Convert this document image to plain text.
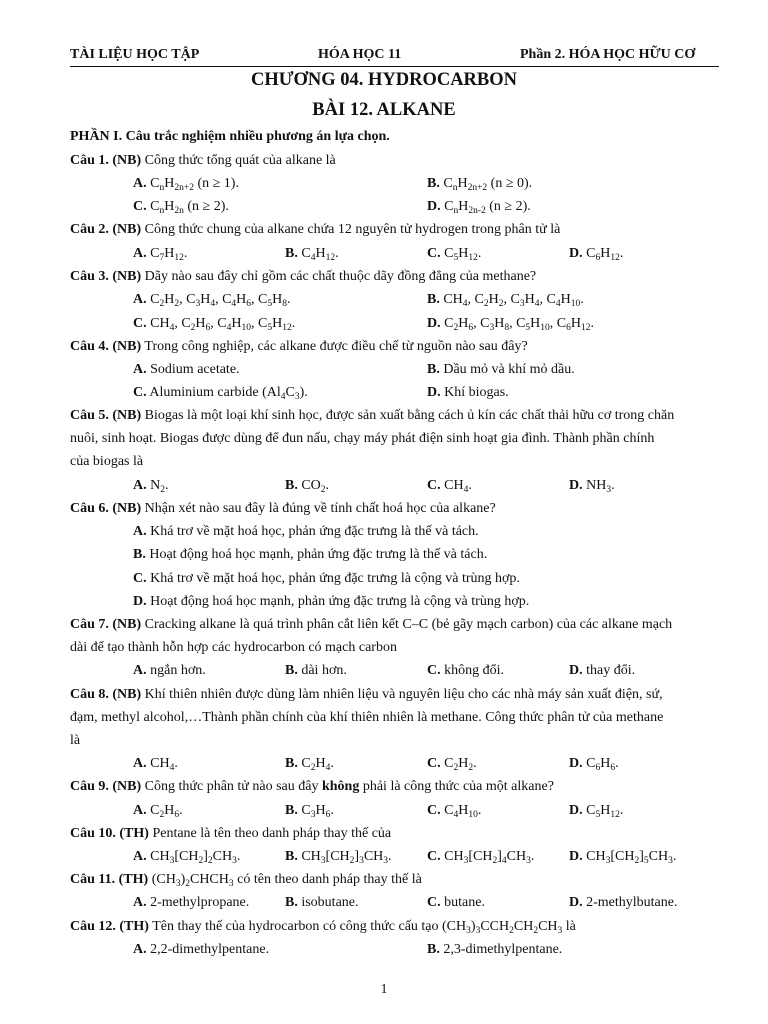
TÀI LIỆU HỌC TẬP	HÓA HỌC 11	Phần 2. HÓA HỌC HỮU CƠ
CHƯƠNG 04. HYDROCARBON
BÀI 12. ALKANE
PHẦN I. Câu trắc nghiệm nhiều phương án lựa chọn.
Câu 1. (NB) Công thức tổng quát của alkane là
A. $C_nH_{2n+2}$ (n ≥ 1).	B. $C_nH_{2n+2}$ (n ≥ 0).
C. $C_nH_{2n}$ (n ≥ 2).	D. $C_nH_{2n-2}$ (n ≥ 2).
Câu 2. (NB) Công thức chung của alkane chứa 12 nguyên tử hydrogen trong phân tử là
A. $C_7H_{12}$.	B. $C_4H_{12}$.	C. $C_5H_{12}$.	D. $C_6H_{12}$.
Câu 3. (NB) Dãy nào sau đây chỉ gồm các chất thuộc dãy đồng đẳng của methane?
A. $C_2H_2$, $C_3H_4$, $C_4H_6$, $C_5H_8$.	B. $CH_4$, $C_2H_2$, $C_3H_4$, $C_4H_{10}$.
C. $CH_4$, $C_2H_6$, $C_4H_{10}$, $C_5H_{12}$.	D. $C_2H_6$, $C_3H_8$, $C_5H_{10}$, $C_6H_{12}$.
Câu 4. (NB) Trong công nghiệp, các alkane được điều chế từ nguồn nào sau đây?
A. Sodium acetate.	B. Dầu mỏ và khí mỏ dầu.
C. Aluminium carbide $(Al_4C_3)$.	D. Khí biogas.
Câu 5. (NB) Biogas là một loại khí sinh học, được sản xuất bằng cách ủ kín các chất thải hữu cơ trong chăn
nuôi, sinh hoạt. Biogas được dùng để đun nấu, chạy máy phát điện sinh hoạt gia đình. Thành phần chính
của biogas là
A. $N_2$.	B. $CO_2$.	C. $CH_4$.	D. $NH_3$.
Câu 6. (NB) Nhận xét nào sau đây là đúng về tính chất hoá học của alkane?
A. Khá trơ về mặt hoá học, phản ứng đặc trưng là thế và tách.
B. Hoạt động hoá học mạnh, phản ứng đặc trưng là thế và tách.
C. Khá trơ về mặt hoá học, phản ứng đặc trưng là cộng và trùng hợp.
D. Hoạt động hoá học mạnh, phản ứng đặc trưng là cộng và trùng hợp.
Câu 7. (NB) Cracking alkane là quá trình phân cắt liên kết C–C (bẻ gãy mạch carbon) của các alkane mạch
dài để tạo thành hỗn hợp các hydrocarbon có mạch carbon
A. ngắn hơn.	B. dài hơn.	C. không đổi.	D. thay đổi.
Câu 8. (NB) Khí thiên nhiên được dùng làm nhiên liệu và nguyên liệu cho các nhà máy sản xuất điện, sứ,
đạm, methyl alcohol,…Thành phần chính của khí thiên nhiên là methane. Công thức phân tử của methane
là
A. $CH_4$.	B. $C_2H_4$.	C. $C_2H_2$.	D. $C_6H_6$.
Câu 9. (NB) Công thức phân tử nào sau đây không phải là công thức của một alkane?
A. $C_2H_6$.	B. $C_3H_6$.	C. $C_4H_{10}$.	D. $C_5H_{12}$.
Câu 10. (TH) Pentane là tên theo danh pháp thay thế của
A. $CH_3[CH_2]_2CH_3$.	B. $CH_3[CH_2]_3CH_3$.	C. $CH_3[CH_2]_4CH_3$. D. $CH_3[CH_2]_5CH_3$.
Câu 11. (TH) $(CH_3)_2CHCH_3$ có tên theo danh pháp thay thế là
A. 2-methylpropane.	B. isobutane.	C. butane.	D. 2-methylbutane.
Câu 12. (TH) Tên thay thế của hydrocarbon có công thức cấu tạo $(CH_3)_3CCH_2CH_2CH_3$ là
A. 2,2-dimethylpentane.	B. 2,3-dimethylpentane.
1
